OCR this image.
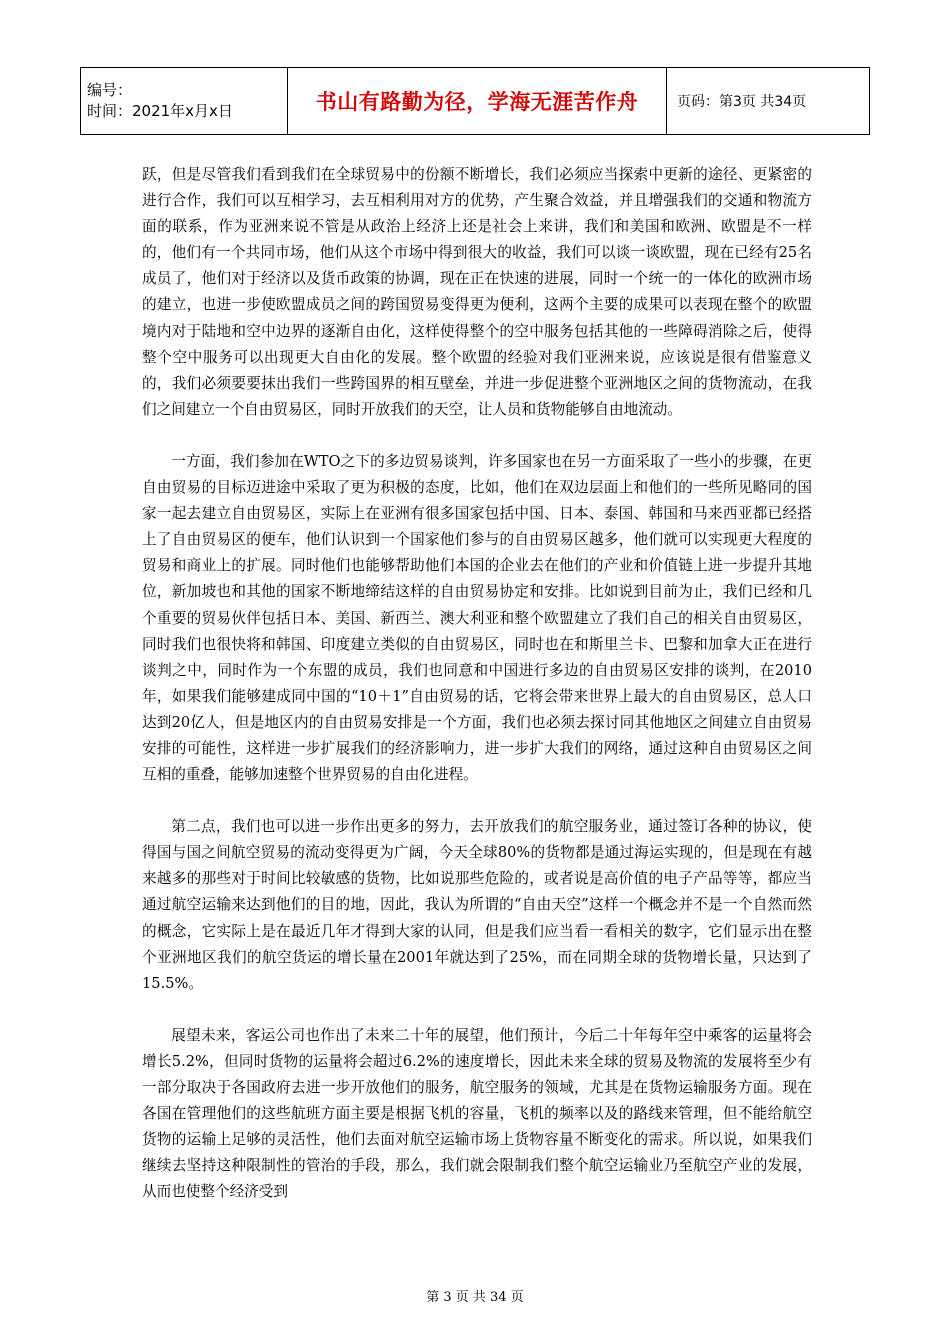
编号：
时间：2021年x月x日	书山有路勤为径，学海无涯苦作舟	页码：第3页 共34页

跃，但是尽管我们看到我们在全球贸易中的份额不断增长，我们必须应当探索中更新的途径、更紧密的进行合作，我们可以互相学习，去互相利用对方的优势，产生聚合效益，并且增强我们的交通和物流方面的联系，作为亚洲来说不管是从政治上经济上还是社会上来讲，我们和美国和欧洲、欧盟是不一样的，他们有一个共同市场，他们从这个市场中得到很大的收益，我们可以谈一谈欧盟，现在已经有25名成员了，他们对于经济以及货币政策的协调，现在正在快速的进展，同时一个统一的一体化的欧洲市场的建立，也进一步使欧盟成员之间的跨国贸易变得更为便利，这两个主要的成果可以表现在整个的欧盟境内对于陆地和空中边界的逐渐自由化，这样使得整个的空中服务包括其他的一些障碍消除之后，使得整个空中服务可以出现更大自由化的发展。整个欧盟的经验对我们亚洲来说，应该说是很有借鉴意义的，我们必须要要抹出我们一些跨国界的相互壁垒，并进一步促进整个亚洲地区之间的货物流动，在我们之间建立一个自由贸易区，同时开放我们的天空，让人员和货物能够自由地流动。

一方面，我们参加在WTO之下的多边贸易谈判，许多国家也在另一方面采取了一些小的步骤，在更自由贸易的目标迈进途中采取了更为积极的态度，比如，他们在双边层面上和他们的一些所见略同的国家一起去建立自由贸易区，实际上在亚洲有很多国家包括中国、日本、泰国、韩国和马来西亚都已经搭上了自由贸易区的便车，他们认识到一个国家他们参与的自由贸易区越多，他们就可以实现更大程度的贸易和商业上的扩展。同时他们也能够帮助他们本国的企业去在他们的产业和价值链上进一步提升其地位，新加坡也和其他的国家不断地缔结这样的自由贸易协定和安排。比如说到目前为止，我们已经和几个重要的贸易伙伴包括日本、美国、新西兰、澳大利亚和整个欧盟建立了我们自己的相关自由贸易区，同时我们也很快将和韩国、印度建立类似的自由贸易区，同时也在和斯里兰卡、巴黎和加拿大正在进行谈判之中，同时作为一个东盟的成员，我们也同意和中国进行多边的自由贸易区安排的谈判，在2010年，如果我们能够建成同中国的“10＋1”自由贸易的话，它将会带来世界上最大的自由贸易区，总人口达到20亿人，但是地区内的自由贸易安排是一个方面，我们也必须去探讨同其他地区之间建立自由贸易安排的可能性，这样进一步扩展我们的经济影响力，进一步扩大我们的网络，通过这种自由贸易区之间互相的重叠，能够加速整个世界贸易的自由化进程。

第二点，我们也可以进一步作出更多的努力，去开放我们的航空服务业，通过签订各种的协议，使得国与国之间航空贸易的流动变得更为广阔，今天全球80%的货物都是通过海运实现的，但是现在有越来越多的那些对于时间比较敏感的货物，比如说那些危险的，或者说是高价值的电子产品等等，都应当通过航空运输来达到他们的目的地，因此，我认为所谓的“自由天空”这样一个概念并不是一个自然而然的概念，它实际上是在最近几年才得到大家的认同，但是我们应当看一看相关的数字，它们显示出在整个亚洲地区我们的航空货运的增长量在2001年就达到了25%，而在同期全球的货物增长量，只达到了15.5%。

展望未来，客运公司也作出了未来二十年的展望，他们预计，今后二十年每年空中乘客的运量将会增长5.2%，但同时货物的运量将会超过6.2%的速度增长，因此未来全球的贸易及物流的发展将至少有一部分取决于各国政府去进一步开放他们的服务，航空服务的领域，尤其是在货物运输服务方面。现在各国在管理他们的这些航班方面主要是根据飞机的容量，飞机的频率以及的路线来管理，但不能给航空货物的运输上足够的灵活性，他们去面对航空运输市场上货物容量不断变化的需求。所以说，如果我们继续去坚持这种限制性的管治的手段，那么，我们就会限制我们整个航空运输业乃至航空产业的发展，从而也使整个经济受到

第 3 页 共 34 页
